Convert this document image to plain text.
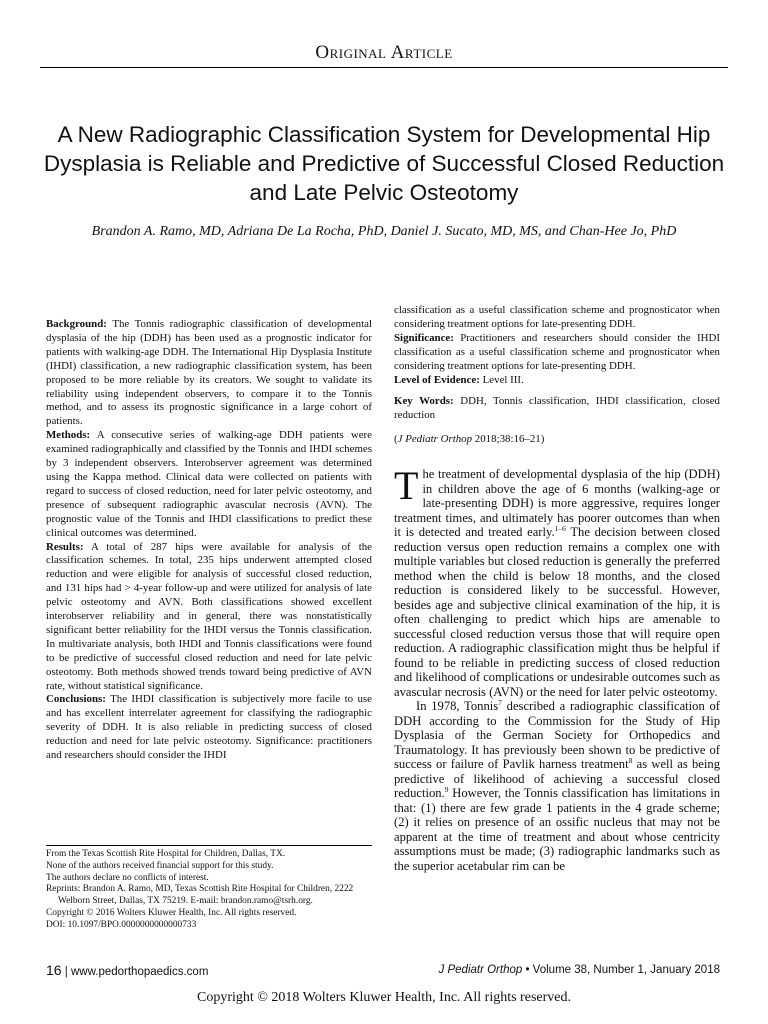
Original Article
A New Radiographic Classification System for Developmental Hip Dysplasia is Reliable and Predictive of Successful Closed Reduction and Late Pelvic Osteotomy
Brandon A. Ramo, MD, Adriana De La Rocha, PhD, Daniel J. Sucato, MD, MS, and Chan-Hee Jo, PhD

Background: The Tonnis radiographic classification of developmental dysplasia of the hip (DDH) has been used as a prognostic indicator for patients with walking-age DDH. The International Hip Dysplasia Institute (IHDI) classification, a new radiographic classification system, has been proposed to be more reliable by its creators. We sought to validate its reliability using independent observers, to compare it to the Tonnis method, and to assess its prognostic significance in a large cohort of patients.

Methods: A consecutive series of walking-age DDH patients were examined radiographically and classified by the Tonnis and IHDI schemes by 3 independent observers. Interobserver agreement was determined using the Kappa method. Clinical data were collected on patients with regard to success of closed reduction, need for later pelvic osteotomy, and presence of subsequent radiographic avascular necrosis (AVN). The prognostic value of the Tonnis and IHDI classifications to predict these clinical outcomes was determined.

Results: A total of 287 hips were available for analysis of the classification schemes. In total, 235 hips underwent attempted closed reduction and were eligible for analysis of successful closed reduction, and 131 hips had > 4-year follow-up and were utilized for analysis of late pelvic osteotomy and AVN. Both classifications showed excellent interobserver reliability and in general, there was nonstatistically significant better reliability for the IHDI versus the Tonnis classification. In multivariate analysis, both IHDI and Tonnis classifications were found to be predictive of successful closed reduction and need for late pelvic osteotomy. Both methods showed trends toward being predictive of AVN rate, without statistical significance.

Conclusions: The IHDI classification is subjectively more facile to use and has excellent interrelater agreement for classifying the radiographic severity of DDH. It is also reliable in predicting success of closed reduction and need for late pelvic osteotomy. Significance: practitioners and researchers should consider the IHDI

classification as a useful classification scheme and prognosticator when considering treatment options for late-presenting DDH.

Significance: Practitioners and researchers should consider the IHDI classification as a useful classification scheme and prognosticator when considering treatment options for late-presenting DDH.

Level of Evidence: Level III.

Key Words: DDH, Tonnis classification, IHDI classification, closed reduction

(J Pediatr Orthop 2018;38:16–21)

The treatment of developmental dysplasia of the hip (DDH) in children above the age of 6 months (walking-age or late-presenting DDH) is more aggressive, requires longer treatment times, and ultimately has poorer outcomes than when it is detected and treated early.$^{1-6}$ The decision between closed reduction versus open reduction remains a complex one with multiple variables but closed reduction is generally the preferred method when the child is below 18 months, and the closed reduction is considered likely to be successful. However, besides age and subjective clinical examination of the hip, it is often challenging to predict which hips are amenable to successful closed reduction versus those that will require open reduction. A radiographic classification might thus be helpful if found to be reliable in predicting success of closed reduction and likelihood of complications or undesirable outcomes such as avascular necrosis (AVN) or the need for later pelvic osteotomy.

In 1978, Tonnis$^7$ described a radiographic classification of DDH according to the Commission for the Study of Hip Dysplasia of the German Society for Orthopedics and Traumatology. It has previously been shown to be predictive of success or failure of Pavlik harness treatment$^8$ as well as being predictive of likelihood of achieving a successful closed reduction.$^9$ However, the Tonnis classification has limitations in that: (1) there are few grade 1 patients in the 4 grade scheme; (2) it relies on presence of an ossific nucleus that may not be apparent at the time of treatment and about whose centricity assumptions must be made; (3) radiographic landmarks such as the superior acetabular rim can be

From the Texas Scottish Rite Hospital for Children, Dallas, TX.
None of the authors received financial support for this study.
The authors declare no conflicts of interest.
Reprints: Brandon A. Ramo, MD, Texas Scottish Rite Hospital for Children, 2222 Welborn Street, Dallas, TX 75219. E-mail: brandon.ramo@tsrh.org.
Copyright © 2016 Wolters Kluwer Health, Inc. All rights reserved.
DOI: 10.1097/BPO.0000000000000733
16 | www.pedorthopaedics.com	J Pediatr Orthop • Volume 38, Number 1, January 2018
Copyright © 2018 Wolters Kluwer Health, Inc. All rights reserved.
